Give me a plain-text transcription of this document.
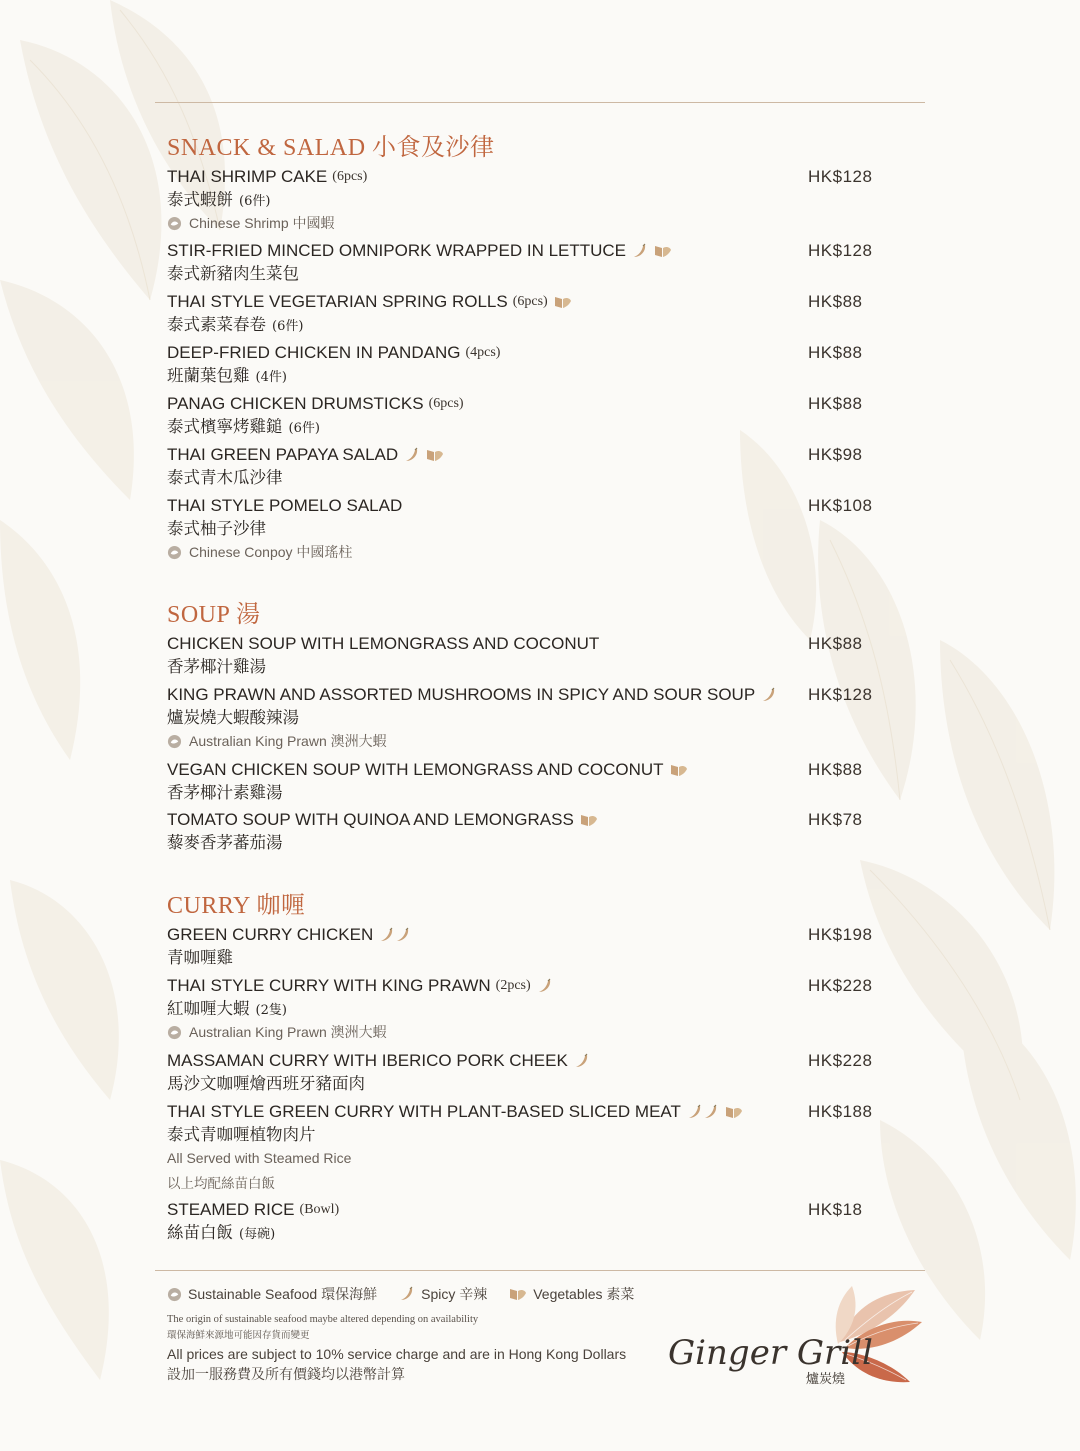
SNACK & SALAD 小食及沙律
THAI SHRIMP CAKE (6pcs)
泰式蝦餅 (6件)
Chinese Shrimp 中國蝦
HK$128
STIR-FRIED MINCED OMNIPORK WRAPPED IN LETTUCE
泰式新豬肉生菜包
HK$128
THAI STYLE VEGETARIAN SPRING ROLLS (6pcs)
泰式素菜春卷 (6件)
HK$88
DEEP-FRIED CHICKEN IN PANDANG (4pcs)
班蘭葉包雞 (4件)
HK$88
PANAG CHICKEN DRUMSTICKS (6pcs)
泰式檳寧烤雞鎚 (6件)
HK$88
THAI GREEN PAPAYA SALAD
泰式青木瓜沙律
HK$98
THAI STYLE POMELO SALAD
泰式柚子沙律
Chinese Conpoy 中國瑤柱
HK$108
SOUP 湯
CHICKEN SOUP WITH LEMONGRASS AND COCONUT
香茅椰汁雞湯
HK$88
KING PRAWN AND ASSORTED MUSHROOMS IN SPICY AND SOUR SOUP
爐炭燒大蝦酸辣湯
Australian King Prawn 澳洲大蝦
HK$128
VEGAN CHICKEN SOUP WITH LEMONGRASS AND COCONUT
香茅椰汁素雞湯
HK$88
TOMATO SOUP WITH QUINOA AND LEMONGRASS
藜麥香茅蕃茄湯
HK$78
CURRY 咖喱
GREEN CURRY CHICKEN
青咖喱雞
HK$198
THAI STYLE CURRY WITH KING PRAWN (2pcs)
紅咖喱大蝦 (2隻)
Australian King Prawn 澳洲大蝦
HK$228
MASSAMAN CURRY WITH IBERICO PORK CHEEK
馬沙文咖喱燴西班牙豬面肉
HK$228
THAI STYLE GREEN CURRY WITH PLANT-BASED SLICED MEAT
泰式青咖喱植物肉片
HK$188
All Served with Steamed Rice
以上均配絲苗白飯
STEAMED RICE (Bowl)
絲苗白飯 (每碗)
HK$18
Sustainable Seafood 環保海鮮	Spicy 辛辣	Vegetables 素菜
The origin of sustainable seafood maybe altered depending on availability
環保海鮮來源地可能因存貨而變更
All prices are subject to 10% service charge and are in Hong Kong Dollars
設加一服務費及所有價錢均以港幣計算
Ginger Grill
爐炭燒
